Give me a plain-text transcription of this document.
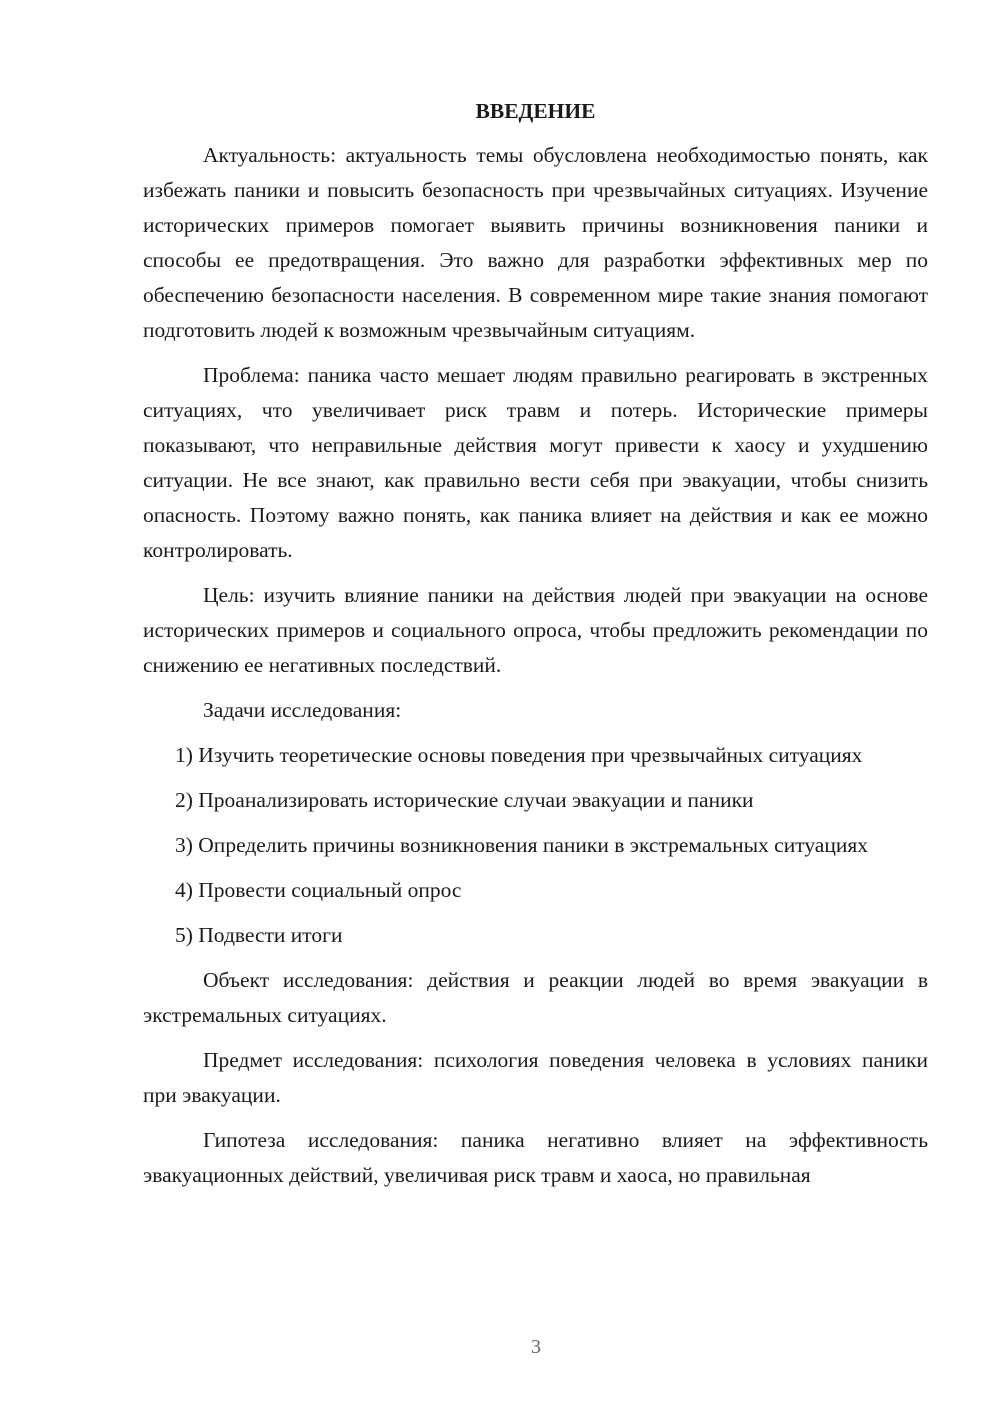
ВВЕДЕНИЕ

Актуальность: актуальность темы обусловлена необходимостью понять, как избежать паники и повысить безопасность при чрезвычайных ситуациях. Изучение исторических примеров помогает выявить причины возникновения паники и способы ее предотвращения. Это важно для разработки эффективных мер по обеспечению безопасности населения. В современном мире такие знания помогают подготовить людей к возможным чрезвычайным ситуациям.

Проблема: паника часто мешает людям правильно реагировать в экстренных ситуациях, что увеличивает риск травм и потерь. Исторические примеры показывают, что неправильные действия могут привести к хаосу и ухудшению ситуации. Не все знают, как правильно вести себя при эвакуации, чтобы снизить опасность. Поэтому важно понять, как паника влияет на действия и как ее можно контролировать.

Цель: изучить влияние паники на действия людей при эвакуации на основе исторических примеров и социального опроса, чтобы предложить рекомендации по снижению ее негативных последствий.

Задачи исследования:

1) Изучить теоретические основы поведения при чрезвычайных ситуациях

2) Проанализировать исторические случаи эвакуации и паники

3) Определить причины возникновения паники в экстремальных ситуациях

4) Провести социальный опрос

5) Подвести итоги

Объект исследования: действия и реакции людей во время эвакуации в экстремальных ситуациях.

Предмет исследования: психология поведения человека в условиях паники при эвакуации.

Гипотеза исследования: паника негативно влияет на эффективность эвакуационных действий, увеличивая риск травм и хаоса, но правильная

3
